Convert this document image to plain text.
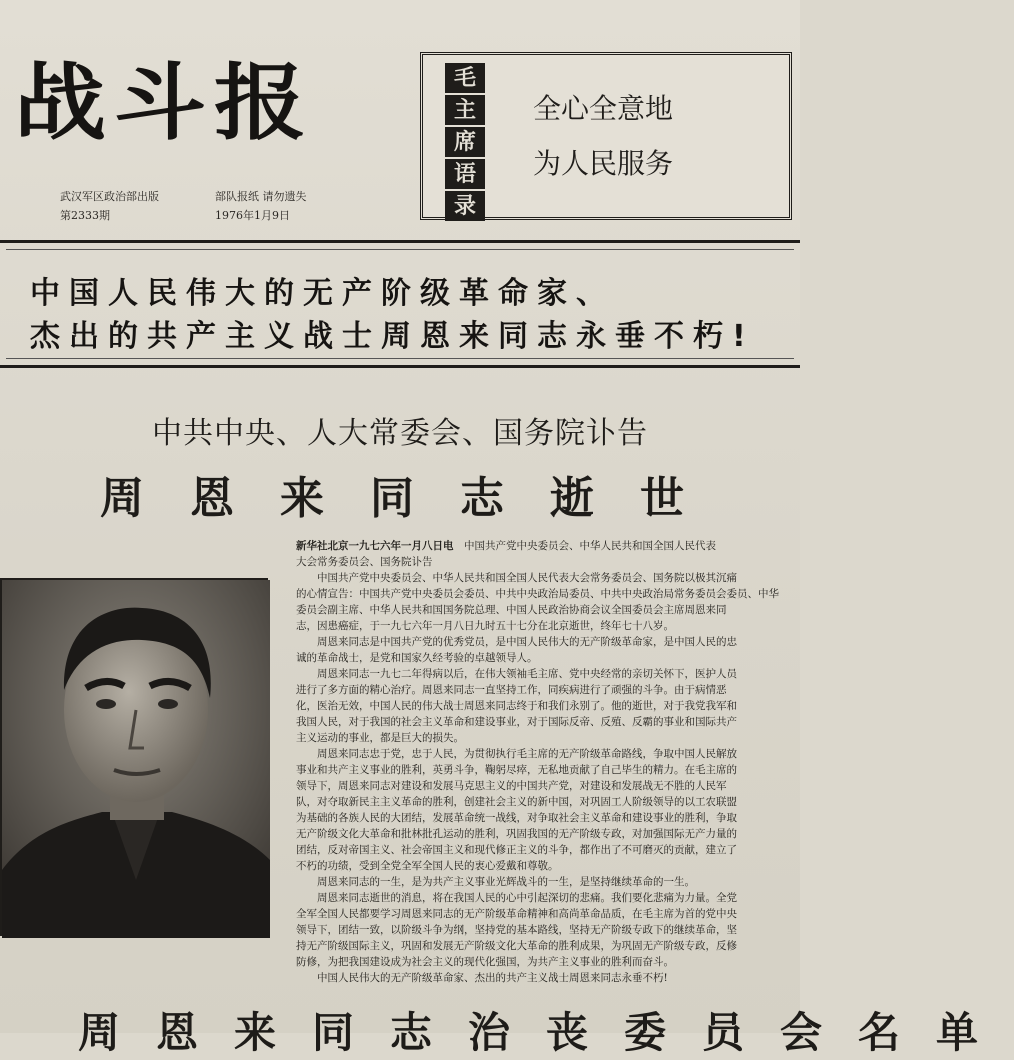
战斗报
武汉军区政治部出版
第2333期
部队报纸 请勿遗失
1976年1月9日
毛
主
席
语
录
全心全意地
为人民服务
中国人民伟大的无产阶级革命家、
杰出的共产主义战士周恩来同志永垂不朽!
中共中央、人大常委会、国务院讣告
周恩来同志逝世

新华社北京一九七六年一月八日电　 中国共产党中央委员会、中华人民共和国全国人民代表

大会常务委员会、国务院讣告

中国共产党中央委员会、中华人民共和国全国人民代表大会常务委员会、国务院以极其沉痛

的心情宣告：中国共产党中央委员会委员、中共中央政治局委员、中共中央政治局常务委员会委员、中华

委员会副主席、中华人民共和国国务院总理、中国人民政治协商会议全国委员会主席周恩来同

志，因患癌症，于一九七六年一月八日九时五十七分在北京逝世，终年七十八岁。

周恩来同志是中国共产党的优秀党员，是中国人民伟大的无产阶级革命家，是中国人民的忠

诚的革命战士，是党和国家久经考验的卓越领导人。

周恩来同志一九七二年得病以后，在伟大领袖毛主席、党中央经常的亲切关怀下，医护人员

进行了多方面的精心治疗。周恩来同志一直坚持工作，同疾病进行了顽强的斗争。由于病情恶

化，医治无效，中国人民的伟大战士周恩来同志终于和我们永别了。他的逝世，对于我党我军和

我国人民，对于我国的社会主义革命和建设事业，对于国际反帝、反殖、反霸的事业和国际共产

主义运动的事业，都是巨大的损失。

周恩来同志忠于党，忠于人民，为贯彻执行毛主席的无产阶级革命路线，争取中国人民解放

事业和共产主义事业的胜利，英勇斗争，鞠躬尽瘁，无私地贡献了自己毕生的精力。在毛主席的

领导下，周恩来同志对建设和发展马克思主义的中国共产党，对建设和发展战无不胜的人民军

队，对夺取新民主主义革命的胜利，创建社会主义的新中国，对巩固工人阶级领导的以工农联盟

为基础的各族人民的大团结，发展革命统一战线，对争取社会主义革命和建设事业的胜利，争取

无产阶级文化大革命和批林批孔运动的胜利，巩固我国的无产阶级专政，对加强国际无产力量的

团结，反对帝国主义、社会帝国主义和现代修正主义的斗争，都作出了不可磨灭的贡献，建立了

不朽的功绩，受到全党全军全国人民的衷心爱戴和尊敬。

周恩来同志的一生，是为共产主义事业光辉战斗的一生，是坚持继续革命的一生。

周恩来同志逝世的消息，将在我国人民的心中引起深切的悲痛。我们要化悲痛为力量。全党

全军全国人民都要学习周恩来同志的无产阶级革命精神和高尚革命品质，在毛主席为首的党中央

领导下，团结一致，以阶级斗争为纲，坚持党的基本路线，坚持无产阶级专政下的继续革命，坚

持无产阶级国际主义，巩固和发展无产阶级文化大革命的胜利成果，为巩固无产阶级专政，反修

防修，为把我国建设成为社会主义的现代化强国，为共产主义事业的胜利而奋斗。

中国人民伟大的无产阶级革命家、杰出的共产主义战士周恩来同志永垂不朽!

周恩来同志治丧委员会名单
